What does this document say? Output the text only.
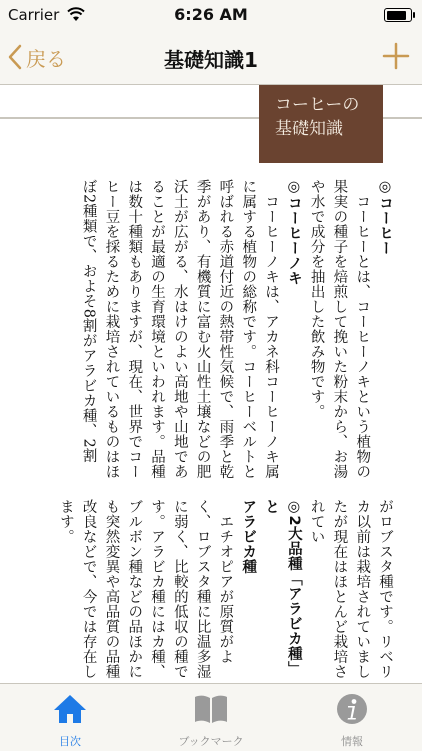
Carrier	6:26 AM
戻る	基礎知識1
コーヒーの
基礎知識
◎コーヒー

コーヒーとは、コーヒーノキという植物の果実の種子を焙煎して挽いた粉末から、お湯や水で成分を抽出した飲み物です。

◎コーヒーノキ

コーヒーノキは、アカネ科コーヒーノキ属に属する植物の総称です。コーヒーベルトと呼ばれる赤道付近の熱帯性気候で、雨季と乾季があり、有機質に富む火山性土壌などの肥沃土が広がる、水はけのよい高地や山地であることが最適の生育環境といわれます。品種は数十種類もありますが、現在、世界でコーヒー豆を採るために栽培されているものはほぼ2種類で、およそ8割がアラビカ種、2割

がロブスタ種です。リベリカ以前は栽培されていましたが現在はほとんど栽培されてい
◎2大品種「アラビカ種」と
アラビカ種

エチオピアが原質がよく、ロブスタ種に比温多湿に弱く、比較的低収の種です。アラビカ種にはカ種、ブルボン種などの品ほかにも突然変異や高品質の品種改良などで、今では存在します。

目次	ブックマーク	情報
